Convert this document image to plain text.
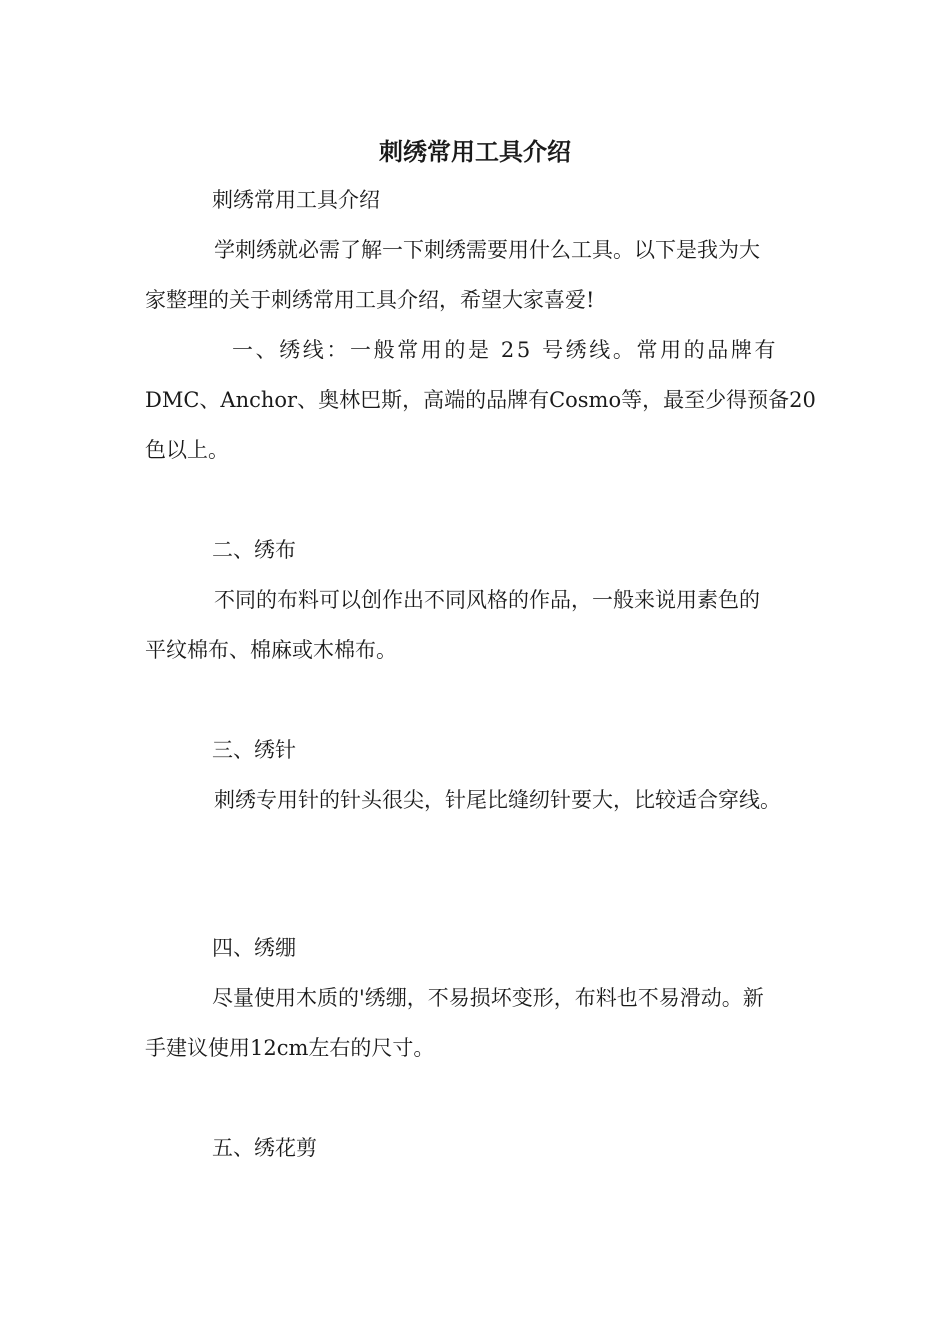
刺绣常用工具介绍
刺绣常用工具介绍
学刺绣就必需了解一下刺绣需要用什么工具。以下是我为大
家整理的关于刺绣常用工具介绍，希望大家喜爱!
一、绣线：一般常用的是 25 号绣线。常用的品牌有
DMC、Anchor、奥林巴斯，高端的品牌有Cosmo等，最至少得预备20
色以上。
二、绣布
不同的布料可以创作出不同风格的作品，一般来说用素色的
平纹棉布、棉麻或木棉布。
三、绣针
刺绣专用针的针头很尖，针尾比缝纫针要大，比较适合穿线。
四、绣绷
尽量使用木质的'绣绷，不易损坏变形，布料也不易滑动。新
手建议使用12cm左右的尺寸。
五、绣花剪
